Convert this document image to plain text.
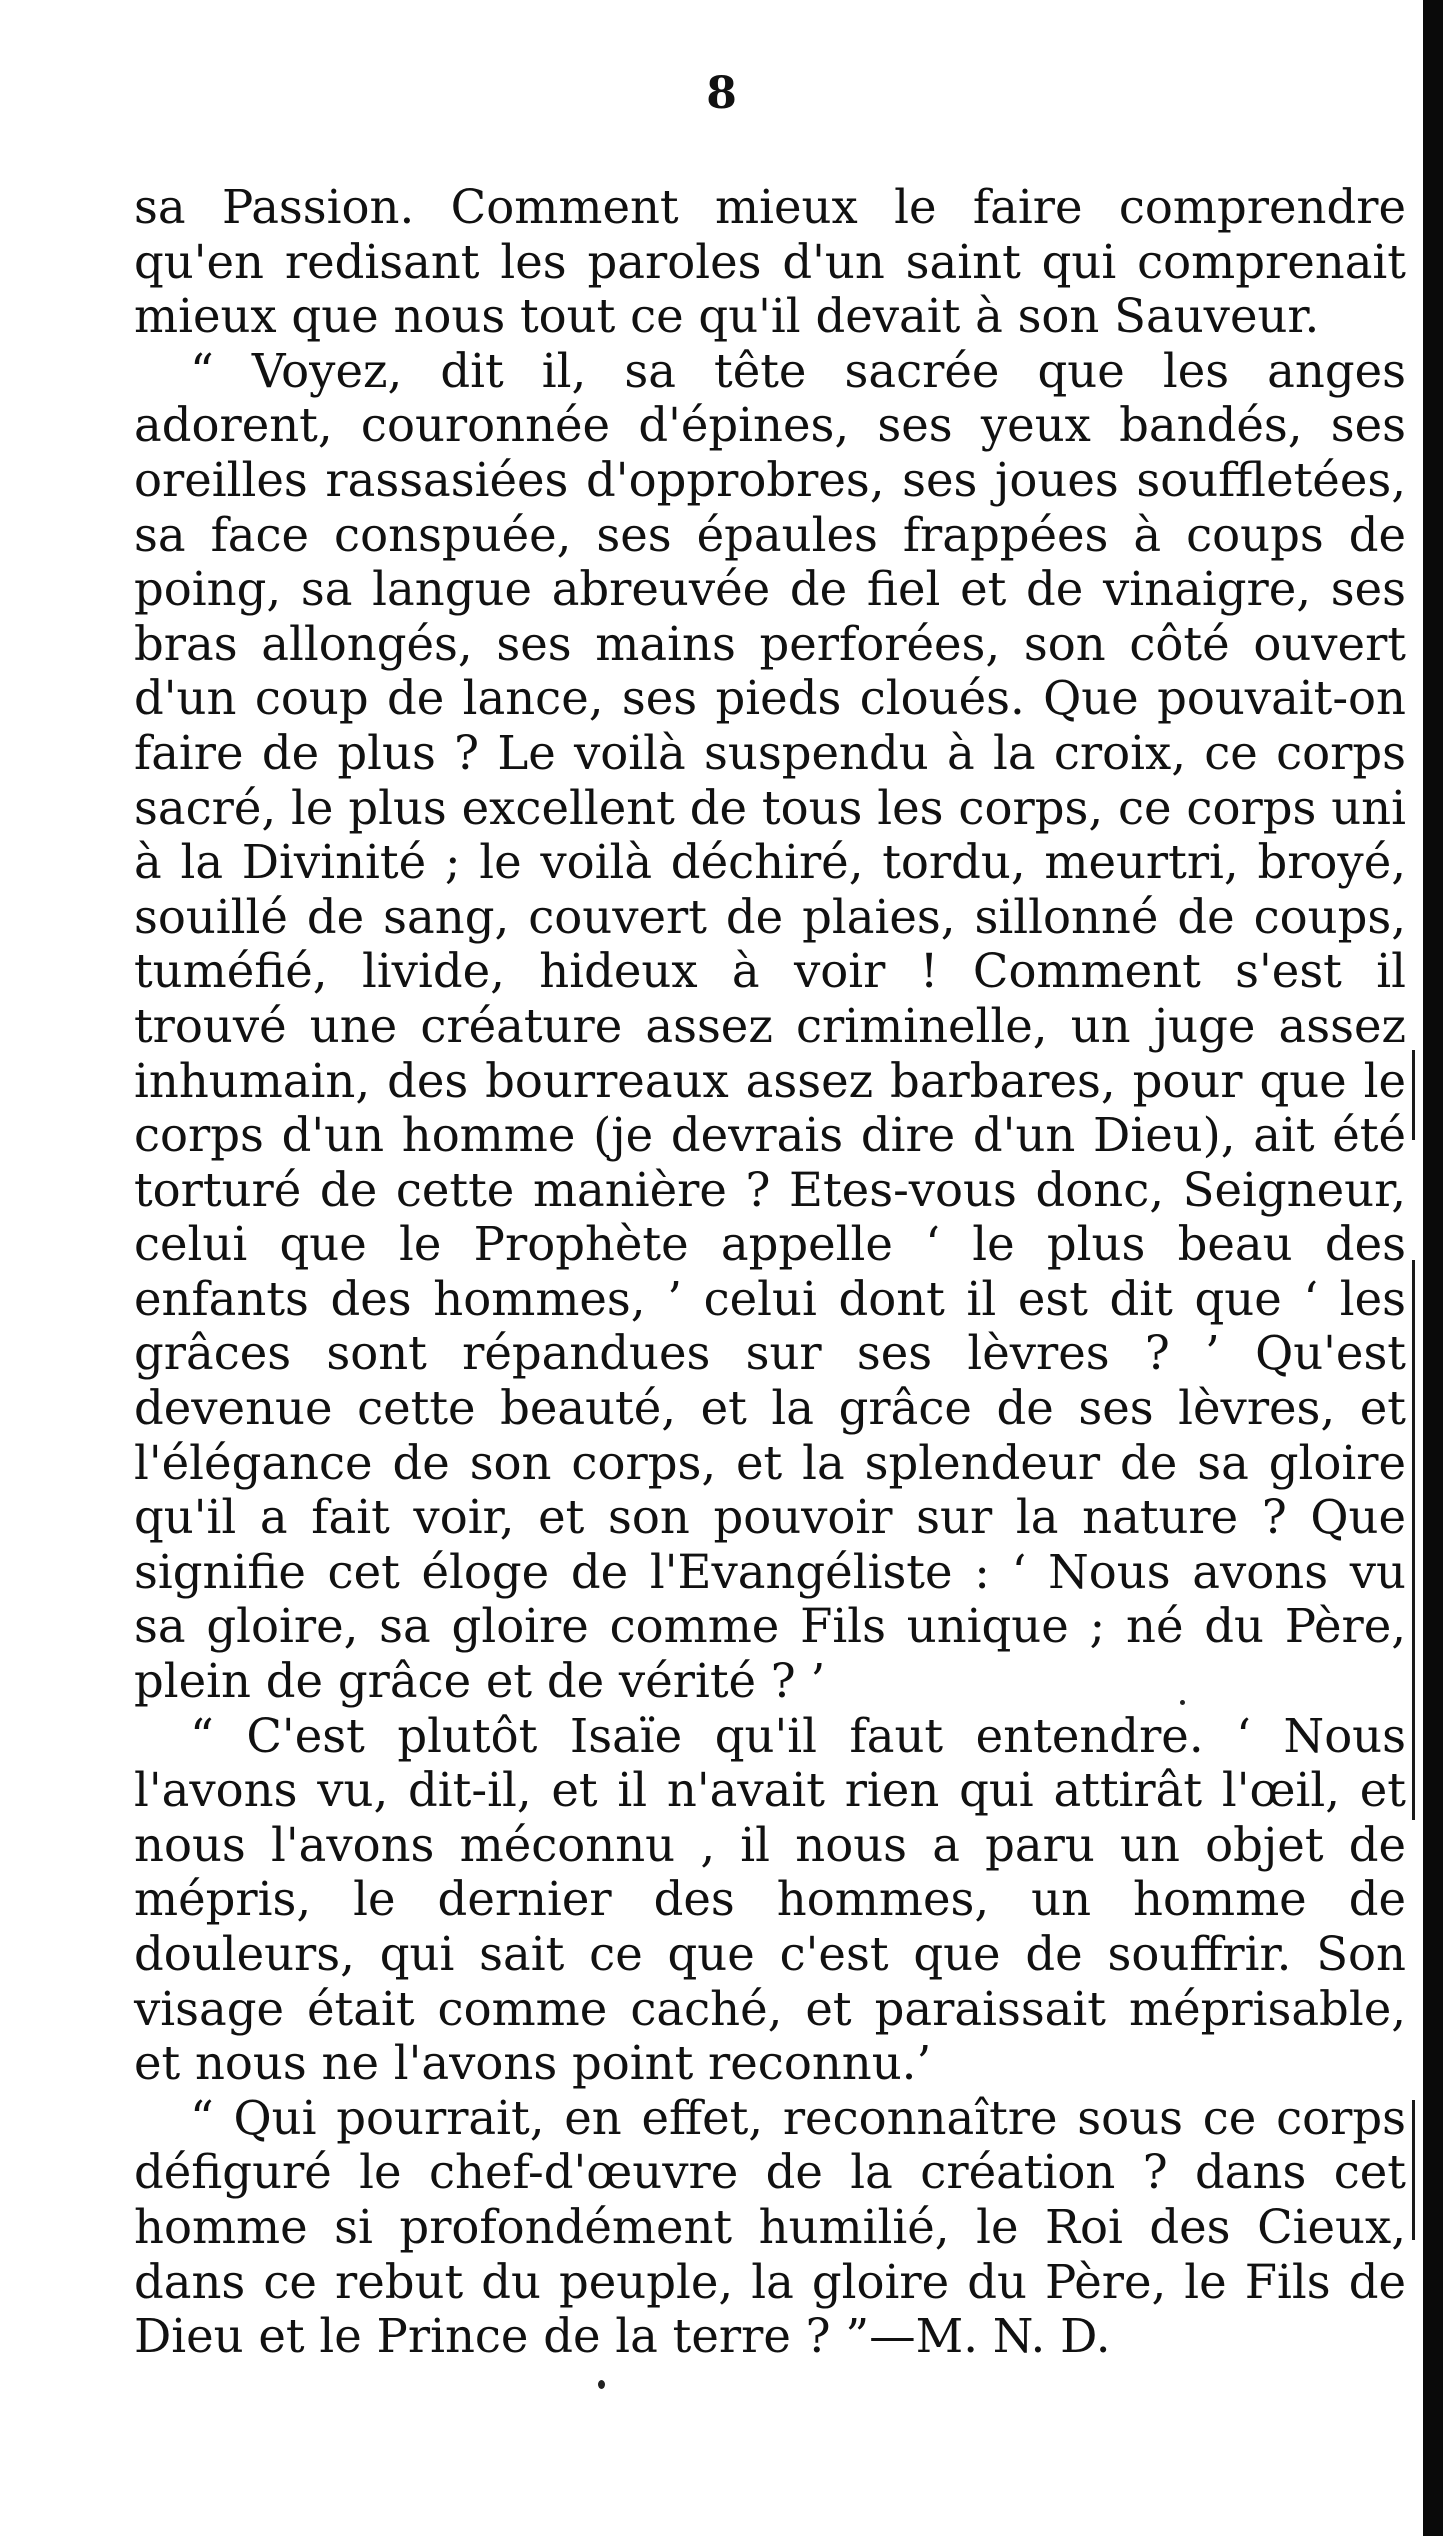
8

sa Passion. Comment mieux le faire comprendre qu'en redisant les paroles d'un saint qui comprenait mieux que nous tout ce qu'il devait à son Sauveur.

“ Voyez, dit il, sa tête sacrée que les anges adorent, couronnée d'épines, ses yeux bandés, ses oreilles rassasiées d'opprobres, ses joues souffletées, sa face conspuée, ses épaules frappées à coups de poing, sa langue abreuvée de fiel et de vinaigre, ses bras allongés, ses mains perforées, son côté ouvert d'un coup de lance, ses pieds cloués. Que pouvait-on faire de plus ? Le voilà suspendu à la croix, ce corps sacré, le plus excellent de tous les corps, ce corps uni à la Divinité ; le voilà déchiré, tordu, meurtri, broyé, souillé de sang, couvert de plaies, sillonné de coups, tuméfié, livide, hideux à voir ! Comment s'est il trouvé une créature assez criminelle, un juge assez inhumain, des bourreaux assez barbares, pour que le corps d'un homme (je devrais dire d'un Dieu), ait été torturé de cette manière ? Etes-vous donc, Seigneur, celui que le Prophète appelle ‘ le plus beau des enfants des hommes, ’ celui dont il est dit que ‘ les grâces sont répandues sur ses lèvres ? ’ Qu'est devenue cette beauté, et la grâce de ses lèvres, et l'élégance de son corps, et la splendeur de sa gloire qu'il a fait voir, et son pouvoir sur la nature ? Que signifie cet éloge de l'Evangéliste : ‘ Nous avons vu sa gloire, sa gloire comme Fils unique ; né du Père, plein de grâce et de vérité ? ’

“ C'est plutôt Isaïe qu'il faut entendre. ‘ Nous l'avons vu, dit-il, et il n'avait rien qui attirât l'œil, et nous l'avons méconnu , il nous a paru un objet de mépris, le dernier des hommes, un homme de douleurs, qui sait ce que c'est que de souffrir. Son visage était comme caché, et paraissait méprisable, et nous ne l'avons point reconnu.’

“ Qui pourrait, en effet, reconnaître sous ce corps défiguré le chef-d'œuvre de la création ? dans cet homme si profondément humilié, le Roi des Cieux, dans ce rebut du peuple, la gloire du Père, le Fils de Dieu et le Prince de la terre ? ”—M. N. D.
